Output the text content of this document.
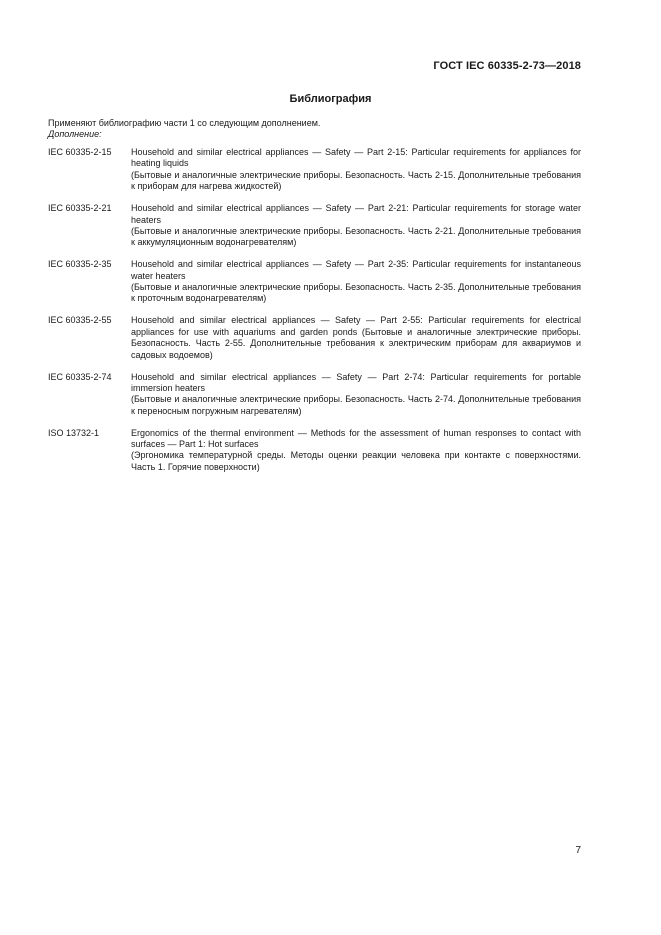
ГОСТ IEC 60335-2-73—2018
Библиография
Применяют библиографию части 1 со следующим дополнением.
Дополнение:
IEC 60335-2-15	Household and similar electrical appliances — Safety — Part 2-15: Particular requirements for appliances for heating liquids
(Бытовые и аналогичные электрические приборы. Безопасность. Часть 2-15. Дополнительные требования к приборам для нагрева жидкостей)
IEC 60335-2-21	Household and similar electrical appliances — Safety — Part 2-21: Particular requirements for storage water heaters
(Бытовые и аналогичные электрические приборы. Безопасность. Часть 2-21. Дополнительные требования к аккумуляционным водонагревателям)
IEC 60335-2-35	Household and similar electrical appliances — Safety — Part 2-35: Particular requirements for instantaneous water heaters
(Бытовые и аналогичные электрические приборы. Безопасность. Часть 2-35. Дополнительные требования к проточным водонагревателям)
IEC 60335-2-55	Household and similar electrical appliances — Safety — Part 2-55: Particular requirements for electrical appliances for use with aquariums and garden ponds (Бытовые и аналогичные электрические приборы. Безопасность. Часть 2-55. Дополнительные требования к электрическим приборам для аквариумов и садовых водоемов)
IEC 60335-2-74	Household and similar electrical appliances — Safety — Part 2-74: Particular requirements for portable immersion heaters
(Бытовые и аналогичные электрические приборы. Безопасность. Часть 2-74. Дополнительные требования к переносным погружным нагревателям)
ISO 13732-1	Ergonomics of the thermal environment — Methods for the assessment of human responses to contact with surfaces — Part 1: Hot surfaces
(Эргономика температурной среды. Методы оценки реакции человека при контакте с поверхностями. Часть 1. Горячие поверхности)
7
